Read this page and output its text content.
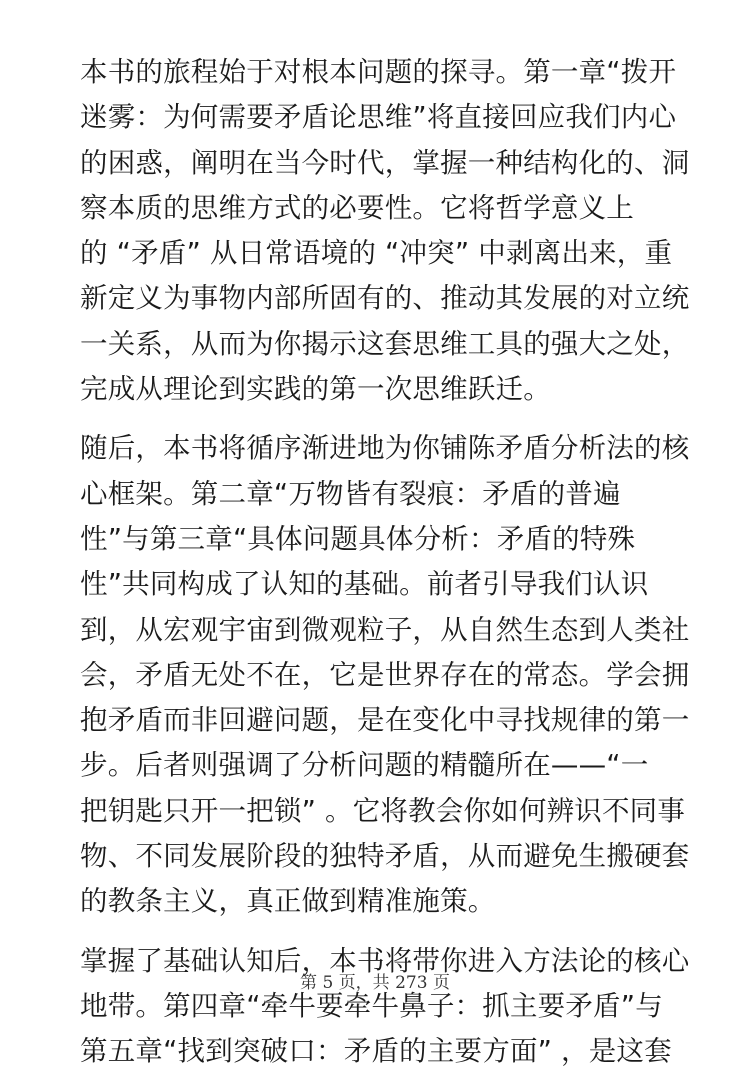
本书的旅程始于对根本问题的探寻。第一章“拨开
迷雾：为何需要矛盾论思维”将直接回应我们内心
的困惑，阐明在当今时代，掌握一种结构化的、洞
察本质的思维方式的必要性。它将哲学意义上
的 “矛盾” 从日常语境的 “冲突” 中剥离出来，重
新定义为事物内部所固有的、推动其发展的对立统
一关系，从而为你揭示这套思维工具的强大之处，
完成从理论到实践的第一次思维跃迁。
随后，本书将循序渐进地为你铺陈矛盾分析法的核
心框架。第二章“万物皆有裂痕：矛盾的普遍
性”与第三章“具体问题具体分析：矛盾的特殊
性”共同构成了认知的基础。前者引导我们认识
到，从宏观宇宙到微观粒子，从自然生态到人类社
会，矛盾无处不在，它是世界存在的常态。学会拥
抱矛盾而非回避问题，是在变化中寻找规律的第一
步。后者则强调了分析问题的精髓所在——“一
把钥匙只开一把锁” 。它将教会你如何辨识不同事
物、不同发展阶段的独特矛盾，从而避免生搬硬套
的教条主义，真正做到精准施策。
掌握了基础认知后，本书将带你进入方法论的核心
地带。第四章“牵牛要牵牛鼻子：抓主要矛盾”与
第五章“找到突破口：矛盾的主要方面” ，是这套
第 5 页，共 273 页
